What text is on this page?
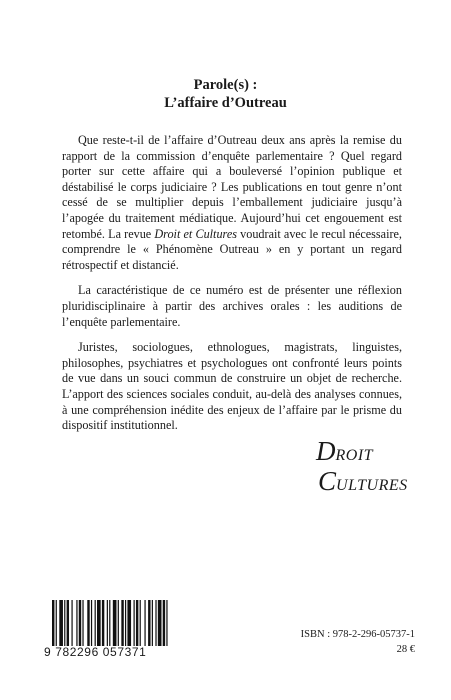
Parole(s) :
L’affaire d’Outreau

Que reste-t-il de l’affaire d’Outreau deux ans après la remise du rapport de la commission d’enquête parlementaire ? Quel regard porter sur cette affaire qui a bouleversé l’opinion publique et déstabilisé le corps judiciaire ? Les publications en tout genre n’ont cessé de se multiplier depuis l’emballement judiciaire jusqu’à l’apogée du traitement médiatique. Aujourd’hui cet engouement est retombé. La revue Droit et Cultures voudrait avec le recul nécessaire, comprendre le « Phénomène Outreau » en y portant un regard rétrospectif et distancié.

La caractéristique de ce numéro est de présenter une réflexion pluridisciplinaire à partir des archives orales : les auditions de l’enquête parlementaire.

Juristes, sociologues, ethnologues, magistrats, linguistes, philosophes, psychiatres et psychologues ont confronté leurs points de vue dans un souci commun de construire un objet de recherche. L’apport des sciences sociales conduit, au-delà des analyses connues, à une compréhension inédite des enjeux de l’affaire par le prisme du dispositif institutionnel.

DROIT
CULTURES
9 782296 057371
ISBN : 978-2-296-05737-1
28 €
